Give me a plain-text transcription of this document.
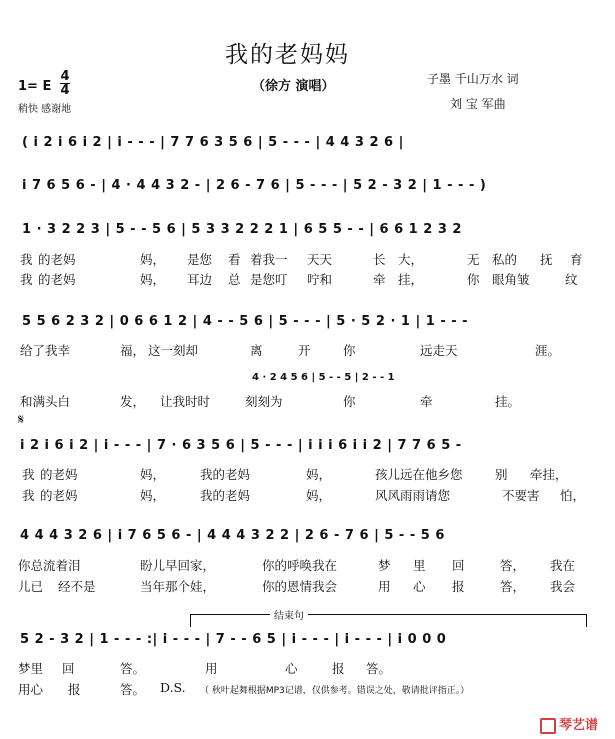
我的老妈妈
（徐方 演唱）	子墨 千山万水 词
刘 宝 军曲
1= E
4
4
稍快 感谢地
( i 2 i 6 i 2 | i - - - | 7 7 6 3 5 6 | 5 - - - | 4 4 3 2 6 |
i 7 6 5 6 - | 4 · 4 4 3 2 - | 2 6 - 7 6 | 5 - - - | 5 2 - 3 2 | 1 - - - )
1 · 3 2 2 3 | 5 - - 5 6 | 5 3 3 2 2 2 1 | 6 5 5 - - | 6 6 1 2 3 2
我 的老妈	妈， 是您 看 着我一 天天	长 大，	无 私的 抚 育
我 的老妈	妈， 耳边 总 是您叮 咛和	牵 挂，	你 眼角皱	纹
5 5 6 2 3 2 | 0 6 6 1 2 | 4 - - 5 6 | 5 - - - | 5 · 5 2 · 1 | 1 - - -
给了我幸	福， 这一刻却	离	开	你	远走天	涯。
4 · 2 4 5 6 | 5 - - 5 | 2 - - 1
和满头白	发， 让我时时	刻刻为	你	牵	挂。
𝄋
i 2 i 6 i 2 | i - - - | 7 · 6 3 5 6 | 5 - - - | i i i 6 i i 2 | 7 7 6 5 -
我 的老妈	妈，	我的老妈	妈，	孩儿远在他乡您	别 牵挂，
我 的老妈	妈，	我的老妈	妈，	风风雨雨请您	不要害 怕，
4 4 4 3 2 6 | i 7 6 5 6 - | 4 4 4 3 2 2 | 2 6 - 7 6 | 5 - - 5 6
你总流着泪	盼儿早回家，	你的呼唤我在	梦 里 回	答， 我在
儿已 经不是	当年那个娃，	你的恩情我会	用 心 报	答， 我会
结束句
5 2 - 3 2 | 1 - - - :| i - - - | 7 - - 6 5 | i - - - | i - - - | i 0 0 0
梦里 回	答。	用	心	报 答。
用心 报	答。 D.S. （ 秋叶起舞根据MP3记谱，仅供参考。错误之处，敬请批评指正。）
琴艺谱
